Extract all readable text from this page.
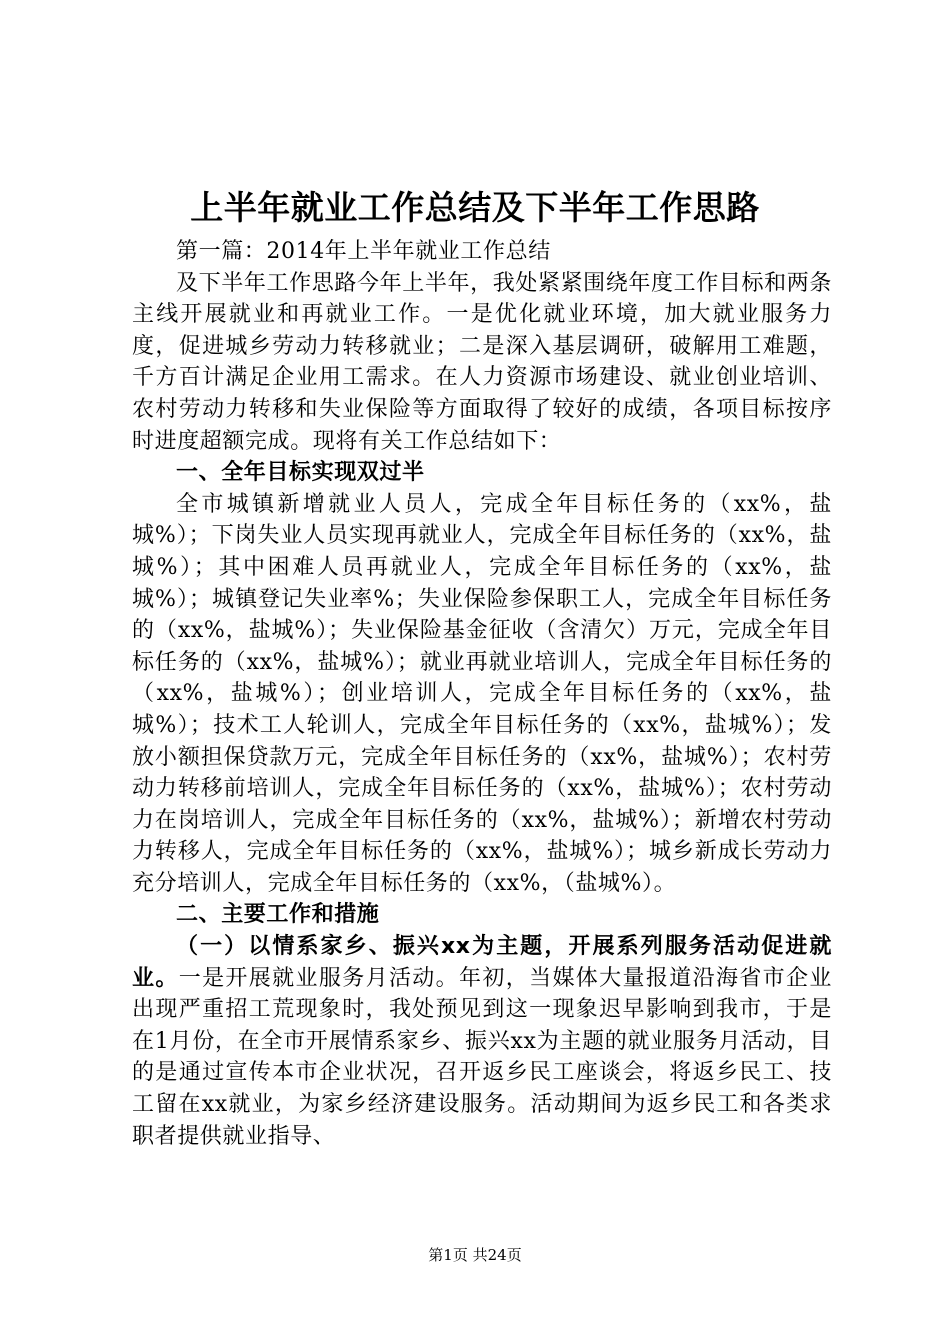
上半年就业工作总结及下半年工作思路

第一篇：2014年上半年就业工作总结

及下半年工作思路今年上半年，我处紧紧围绕年度工作目标和两条主线开展就业和再就业工作。一是优化就业环境，加大就业服务力度，促进城乡劳动力转移就业；二是深入基层调研，破解用工难题，千方百计满足企业用工需求。在人力资源市场建设、就业创业培训、农村劳动力转移和失业保险等方面取得了较好的成绩，各项目标按序时进度超额完成。现将有关工作总结如下：

一、全年目标实现双过半

全市城镇新增就业人员人，完成全年目标任务的（xx%，盐城%）；下岗失业人员实现再就业人，完成全年目标任务的（xx%，盐城%）；其中困难人员再就业人，完成全年目标任务的（xx%，盐城%）；城镇登记失业率%；失业保险参保职工人，完成全年目标任务的（xx%，盐城%）；失业保险基金征收（含清欠）万元，完成全年目标任务的（xx%，盐城%）；就业再就业培训人，完成全年目标任务的（xx%，盐城%）；创业培训人，完成全年目标任务的（xx%，盐城%）；技术工人轮训人，完成全年目标任务的（xx%，盐城%）；发放小额担保贷款万元，完成全年目标任务的（xx%，盐城%）；农村劳动力转移前培训人，完成全年目标任务的（xx%，盐城%）；农村劳动力在岗培训人，完成全年目标任务的（xx%，盐城%）；新增农村劳动力转移人，完成全年目标任务的（xx%，盐城%）；城乡新成长劳动力充分培训人，完成全年目标任务的（xx%，（盐城%）。

二、主要工作和措施

（一）以情系家乡、振兴xx为主题，开展系列服务活动促进就业。一是开展就业服务月活动。年初，当媒体大量报道沿海省市企业出现严重招工荒现象时，我处预见到这一现象迟早影响到我市，于是在1月份，在全市开展情系家乡、振兴xx为主题的就业服务月活动，目的是通过宣传本市企业状况，召开返乡民工座谈会，将返乡民工、技工留在xx就业，为家乡经济建设服务。活动期间为返乡民工和各类求职者提供就业指导、

第1页 共24页
